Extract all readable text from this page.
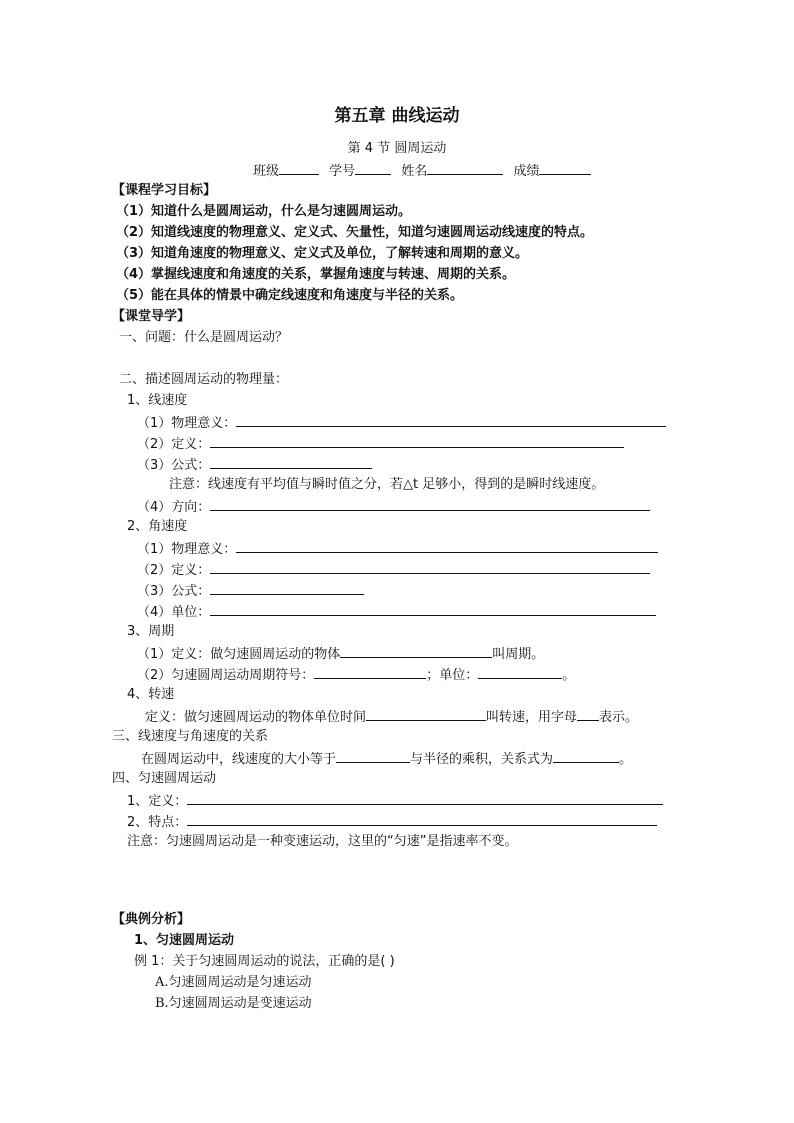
第五章 曲线运动
第 4 节 圆周运动
班级	学号	姓名	成绩
【课程学习目标】
（1）知道什么是圆周运动，什么是匀速圆周运动。
（2）知道线速度的物理意义、定义式、矢量性，知道匀速圆周运动线速度的特点。
（3）知道角速度的物理意义、定义式及单位，了解转速和周期的意义。
（4）掌握线速度和角速度的关系，掌握角速度与转速、周期的关系。
（5）能在具体的情景中确定线速度和角速度与半径的关系。
【课堂导学】
一、问题：什么是圆周运动？
二、描述圆周运动的物理量：
1、线速度
（1）物理意义：
（2）定义：
（3）公式：
注意：线速度有平均值与瞬时值之分，若△t 足够小，得到的是瞬时线速度。
（4）方向：
2、角速度
（1）物理意义：
（2）定义：
（3）公式：
（4）单位：
3、周期
（1）定义：做匀速圆周运动的物体	叫周期。
（2）匀速圆周运动周期符号：	；单位：	。
4、转速
定义：做匀速圆周运动的物体单位时间	叫转速，用字母 表示。
三、线速度与角速度的关系
在圆周运动中，线速度的大小等于	与半径的乘积，关系式为	。
四、匀速圆周运动
1、定义：
2、特点：
注意：匀速圆周运动是一种变速运动，这里的“匀速”是指速率不变。
【典例分析】
1、匀速圆周运动
例 1：关于匀速圆周运动的说法，正确的是( )
A.匀速圆周运动是匀速运动
B.匀速圆周运动是变速运动
